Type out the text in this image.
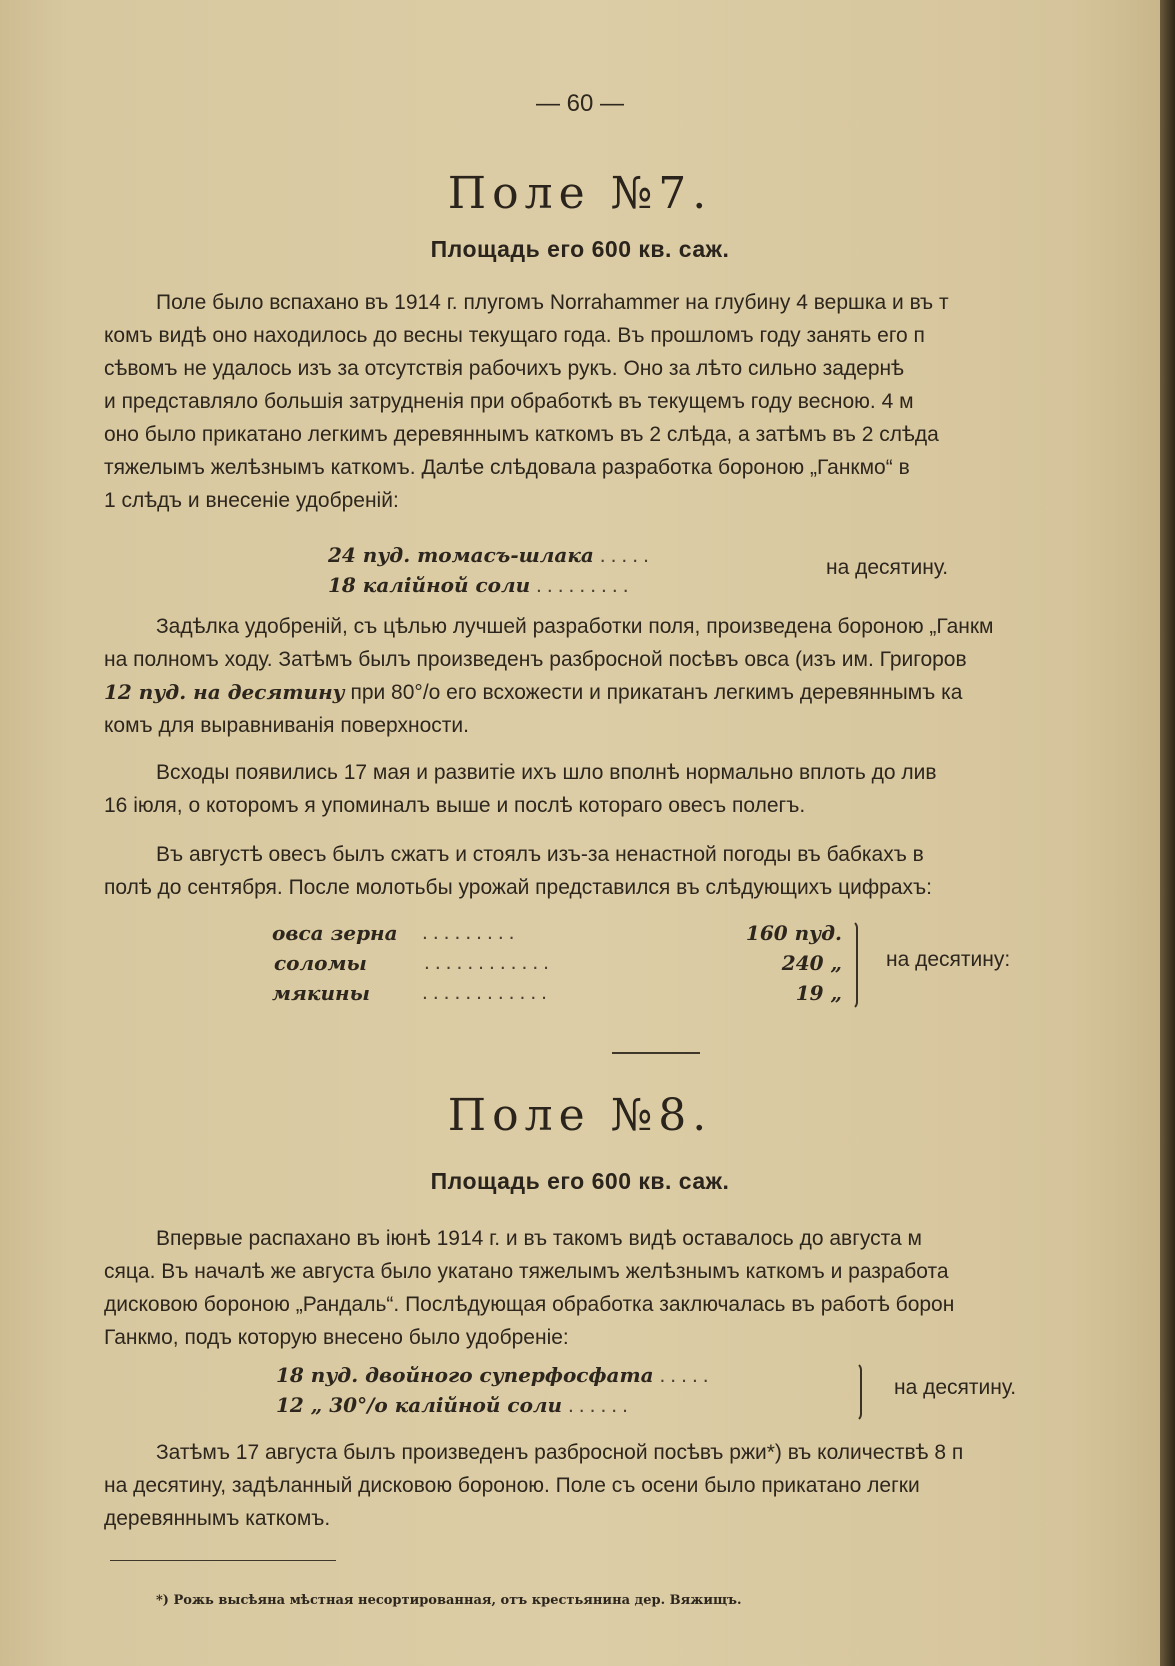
— 60 —
Поле №7.
Площадь его 600 кв. саж.
Поле было вспахано въ 1914 г. плугомъ Norrahammer на глубину 4 вершка и въ т
комъ видѣ оно находилось до весны текущаго года. Въ прошломъ году занять его п
сѣвомъ не удалось изъ за отсутствія рабочихъ рукъ. Оно за лѣто сильно задернѣ
и представляло большія затрудненія при обработкѣ въ текущемъ году весною. 4 м
оно было прикатано легкимъ деревяннымъ каткомъ въ 2 слѣда, а затѣмъ въ 2 слѣда
тяжелымъ желѣзнымъ каткомъ. Далѣе слѣдовала разработка бороною „Ганкмо“ в
1 слѣдъ и внесеніе удобреній:
24 пуд. томасъ-шлака .....
18 калійной соли .........
на десятину.
Задѣлка удобреній, съ цѣлью лучшей разработки поля, произведена бороною „Ганкм
на полномъ ходу. Затѣмъ былъ произведенъ разбросной посѣвъ овса (изъ им. Григоров
12 пуд. на десятину при 80°/о его всхожести и прикатанъ легкимъ деревяннымъ ка
комъ для выравниванія поверхности.
Всходы появились 17 мая и развитіе ихъ шло вполнѣ нормально вплоть до лив
16 іюля, о которомъ я упоминалъ выше и послѣ котораго овесъ полегъ.
Въ августѣ овесъ былъ сжатъ и стоялъ изъ-за ненастной погоды въ бабкахъ в
полѣ до сентября. После молотьбы урожай представился въ слѣдующихъ цифрахъ:
овса зерна	.........	160 пуд.
соломы	............	240 „
мякины	............	19 „
на десятину:
Поле №8.
Площадь его 600 кв. саж.
Впервые распахано въ іюнѣ 1914 г. и въ такомъ видѣ оставалось до августа м
сяца. Въ началѣ же августа было укатано тяжелымъ желѣзнымъ каткомъ и разработа
дисковою бороною „Рандаль“. Послѣдующая обработка заключалась въ работѣ борон
Ганкмо, подъ которую внесено было удобреніе:
18 пуд. двойного суперфосфата .....
12 „ 30°/о калійной соли ......
на десятину.
Затѣмъ 17 августа былъ произведенъ разбросной посѣвъ ржи*) въ количествѣ 8 п
на десятину, задѣланный дисковою бороною. Поле съ осени было прикатано легки
деревяннымъ каткомъ.
*) Рожь высѣяна мѣстная несортированная, отъ крестьянина дер. Вяжищъ.
